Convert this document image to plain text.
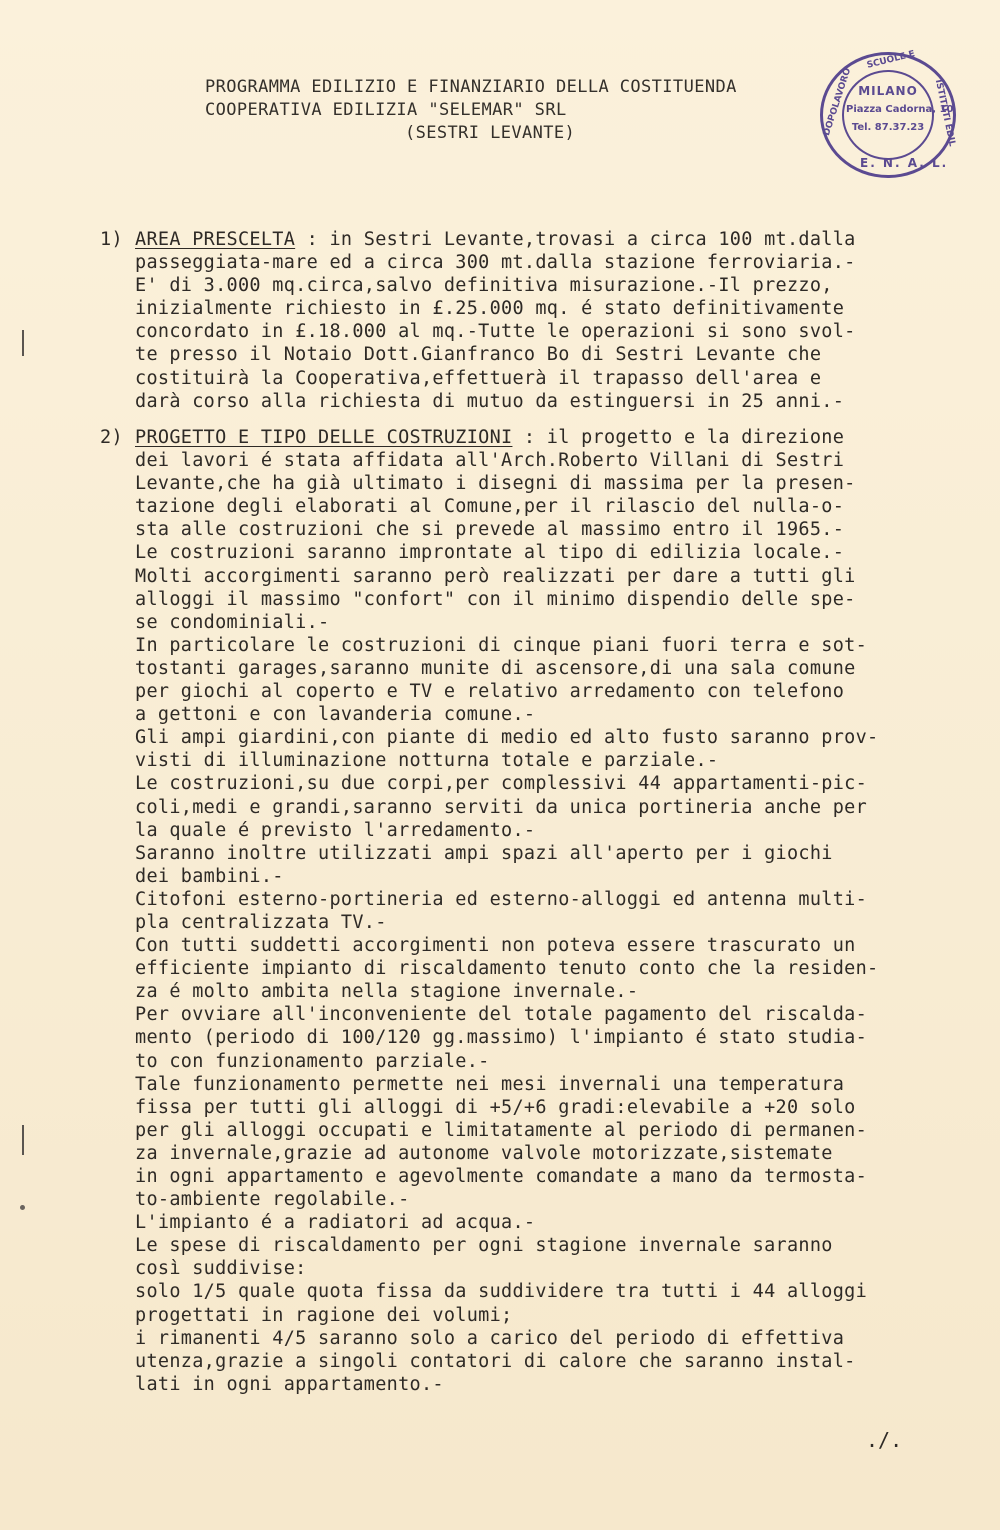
PROGRAMMA EDILIZIO E FINANZIARIO DELLA COSTITUENDA
COOPERATIVA EDILIZIA "SELEMAR" SRL
(SESTRI LEVANTE)
SCUOLE E
DOPOLAVORO	ISTITUTI EDIL
MILANO
Piazza Cadorna, 10
Tel. 87.37.23
E. N. A. L.
1) AREA PRESCELTA : in Sestri Levante,trovasi a circa 100 mt.dalla
passeggiata-mare ed a circa 300 mt.dalla stazione ferroviaria.-
E' di 3.000 mq.circa,salvo definitiva misurazione.-Il prezzo,
inizialmente richiesto in £.25.000 mq. é stato definitivamente
concordato in £.18.000 al mq.-Tutte le operazioni si sono svol-
te presso il Notaio Dott.Gianfranco Bo di Sestri Levante che
costituirà la Cooperativa,effettuerà il trapasso dell'area e
darà corso alla richiesta di mutuo da estinguersi in 25 anni.-
2) PROGETTO E TIPO DELLE COSTRUZIONI : il progetto e la direzione
dei lavori é stata affidata all'Arch.Roberto Villani di Sestri
Levante,che ha già ultimato i disegni di massima per la presen-
tazione degli elaborati al Comune,per il rilascio del nulla-o-
sta alle costruzioni che si prevede al massimo entro il 1965.-
Le costruzioni saranno improntate al tipo di edilizia locale.-
Molti accorgimenti saranno però realizzati per dare a tutti gli
alloggi il massimo "confort" con il minimo dispendio delle spe-
se condominiali.-
In particolare le costruzioni di cinque piani fuori terra e sot-
tostanti garages,saranno munite di ascensore,di una sala comune
per giochi al coperto e TV e relativo arredamento con telefono
a gettoni e con lavanderia comune.-
Gli ampi giardini,con piante di medio ed alto fusto saranno prov-
visti di illuminazione notturna totale e parziale.-
Le costruzioni,su due corpi,per complessivi 44 appartamenti-pic-
coli,medi e grandi,saranno serviti da unica portineria anche per
la quale é previsto l'arredamento.-
Saranno inoltre utilizzati ampi spazi all'aperto per i giochi
dei bambini.-
Citofoni esterno-portineria ed esterno-alloggi ed antenna multi-
pla centralizzata TV.-
Con tutti suddetti accorgimenti non poteva essere trascurato un
efficiente impianto di riscaldamento tenuto conto che la residen-
za é molto ambita nella stagione invernale.-
Per ovviare all'inconveniente del totale pagamento del riscalda-
mento (periodo di 100/120 gg.massimo) l'impianto é stato studia-
to con funzionamento parziale.-
Tale funzionamento permette nei mesi invernali una temperatura
fissa per tutti gli alloggi di +5/+6 gradi:elevabile a +20 solo
per gli alloggi occupati e limitatamente al periodo di permanen-
za invernale,grazie ad autonome valvole motorizzate,sistemate
in ogni appartamento e agevolmente comandate a mano da termosta-
to-ambiente regolabile.-
L'impianto é a radiatori ad acqua.-
Le spese di riscaldamento per ogni stagione invernale saranno
così suddivise:
solo 1/5 quale quota fissa da suddividere tra tutti i 44 alloggi
progettati in ragione dei volumi;
i rimanenti 4/5 saranno solo a carico del periodo di effettiva
utenza,grazie a singoli contatori di calore che saranno instal-
lati in ogni appartamento.-
./.
